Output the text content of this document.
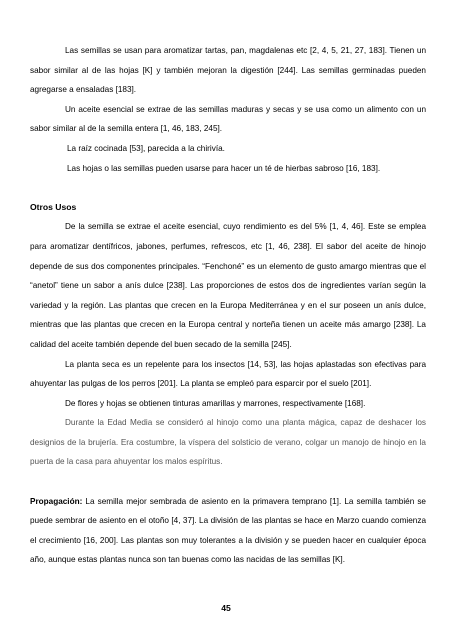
Las semillas se usan para aromatizar tartas, pan, magdalenas etc [2, 4, 5, 21, 27, 183]. Tienen un sabor similar al de las hojas [K] y también mejoran la digestión [244]. Las semillas germinadas pueden agregarse a ensaladas [183].

Un aceite esencial se extrae de las semillas maduras y secas y se usa como un alimento con un sabor similar al de la semilla entera [1, 46, 183, 245].

La raíz cocinada [53], parecida a la chirivía.

Las hojas o las semillas pueden usarse para hacer un té de hierbas sabroso [16, 183].

Otros Usos

De la semilla se extrae el aceite esencial, cuyo rendimiento es del 5% [1, 4, 46]. Este se emplea para aromatizar dentífricos, jabones, perfumes, refrescos, etc [1, 46, 238]. El sabor del aceite de hinojo depende de sus dos componentes principales. “Fenchoné” es un elemento de gusto amargo mientras que el “anetol” tiene un sabor a anís dulce [238]. Las proporciones de estos dos de ingredientes varían según la variedad y la región. Las plantas que crecen en la Europa Mediterránea y en el sur poseen un anís dulce, mientras que las plantas que crecen en la Europa central y norteña tienen un aceite más amargo [238]. La calidad del aceite también depende del buen secado de la semilla [245].

La planta seca es un repelente para los insectos [14, 53], las hojas aplastadas son efectivas para ahuyentar las pulgas de los perros [201]. La planta se empleó para esparcir por el suelo [201].

De flores y hojas se obtienen tinturas amarillas y marrones, respectivamente [168].

Durante la Edad Media se consideró al hinojo como una planta mágica, capaz de deshacer los designios de la brujería. Era costumbre, la víspera del solsticio de verano, colgar un manojo de hinojo en la puerta de la casa para ahuyentar los malos espíritus.

Propagación: La semilla mejor sembrada de asiento en la primavera temprano [1]. La semilla también se puede sembrar de asiento en el otoño [4, 37]. La división de las plantas se hace en Marzo cuando comienza el crecimiento [16, 200]. Las plantas son muy tolerantes a la división y se pueden hacer en cualquier época año, aunque estas plantas nunca son tan buenas como las nacidas de las semillas [K].

45
